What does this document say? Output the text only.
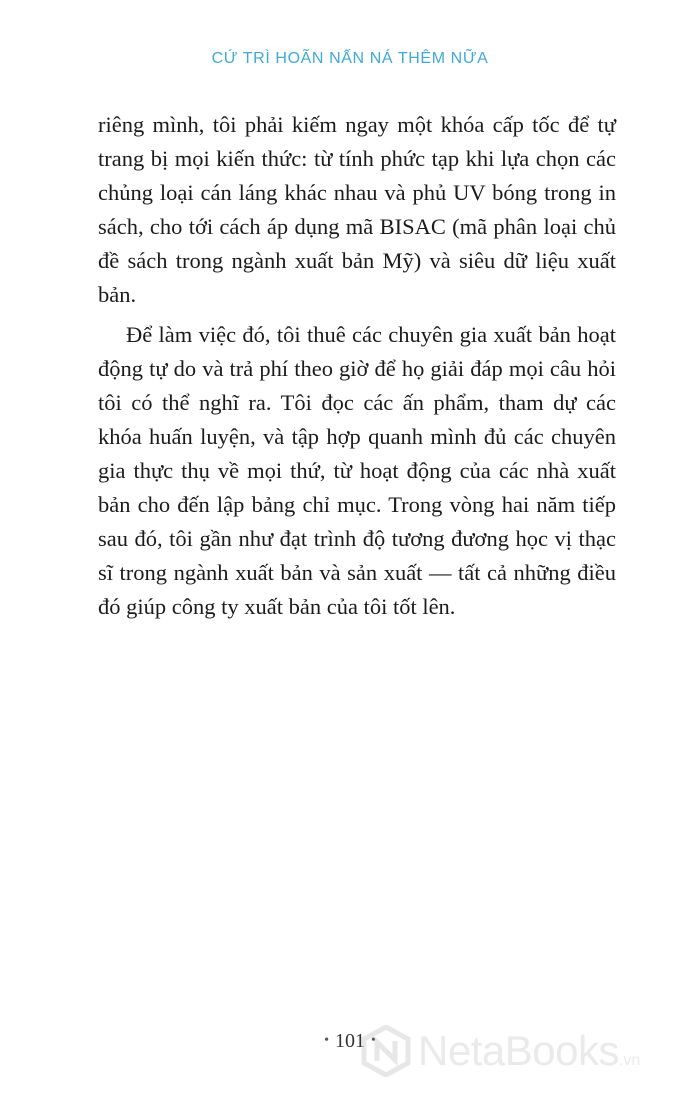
CỨ TRÌ HOÃN NẤN NÁ THÊM NỮA

riêng mình, tôi phải kiếm ngay một khóa cấp tốc để tự trang bị mọi kiến thức: từ tính phức tạp khi lựa chọn các chủng loại cán láng khác nhau và phủ UV bóng trong in sách, cho tới cách áp dụng mã BISAC (mã phân loại chủ đề sách trong ngành xuất bản Mỹ) và siêu dữ liệu xuất bản.

Để làm việc đó, tôi thuê các chuyên gia xuất bản hoạt động tự do và trả phí theo giờ để họ giải đáp mọi câu hỏi tôi có thể nghĩ ra. Tôi đọc các ấn phẩm, tham dự các khóa huấn luyện, và tập hợp quanh mình đủ các chuyên gia thực thụ về mọi thứ, từ hoạt động của các nhà xuất bản cho đến lập bảng chỉ mục. Trong vòng hai năm tiếp sau đó, tôi gần như đạt trình độ tương đương học vị thạc sĩ trong ngành xuất bản và sản xuất — tất cả những điều đó giúp công ty xuất bản của tôi tốt lên.

• 101 •	NetaBooks.vn
